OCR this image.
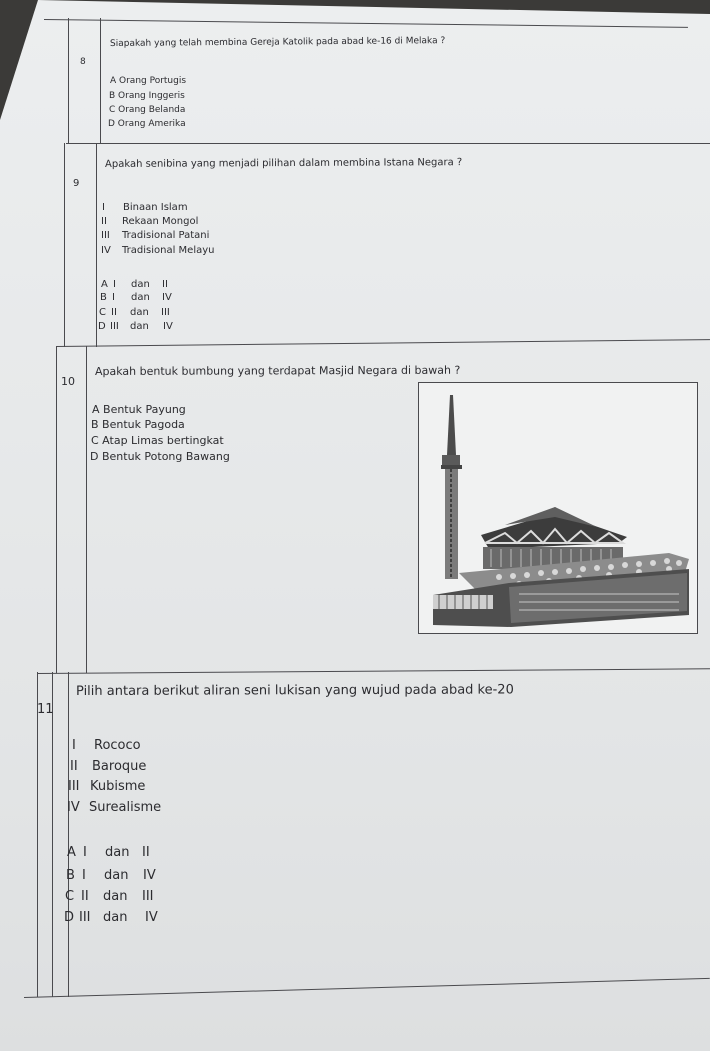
8
Siapakah yang telah membina Gereja Katolik pada abad ke-16 di Melaka ?
A Orang Portugis
B Orang Inggeris
C Orang Belanda
D Orang Amerika
9
Apakah senibina yang menjadi pilihan dalam membina Istana Negara ?
I Binaan Islam
II Rekaan Mongol
III Tradisional Patani
IV Tradisional Melayu
A I dan II
B I dan IV
C II dan III
D III dan IV
10
Apakah bentuk bumbung yang terdapat Masjid Negara di bawah ?
A Bentuk Payung
B Bentuk Pagoda
C Atap Limas bertingkat
D Bentuk Potong Bawang
11
Pilih antara berikut aliran seni lukisan yang wujud pada abad ke-20
I Rococo
II Baroque
III Kubisme
IV Surealisme
A I dan II
B I dan IV
C II dan III
D III dan IV
